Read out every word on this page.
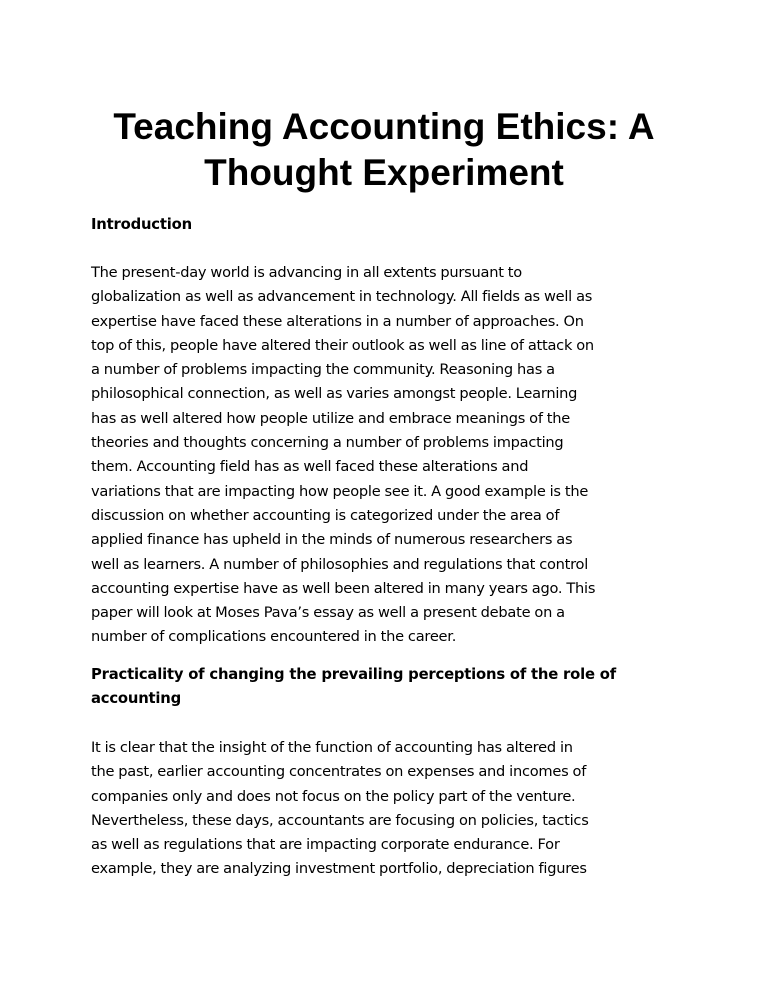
Teaching Accounting Ethics: A Thought Experiment
Introduction
The present-day world is advancing in all extents pursuant to
globalization as well as advancement in technology. All fields as well as
expertise have faced these alterations in a number of approaches. On
top of this, people have altered their outlook as well as line of attack on
a number of problems impacting the community. Reasoning has a
philosophical connection, as well as varies amongst people. Learning
has as well altered how people utilize and embrace meanings of the
theories and thoughts concerning a number of problems impacting
them. Accounting field has as well faced these alterations and
variations that are impacting how people see it. A good example is the
discussion on whether accounting is categorized under the area of
applied finance has upheld in the minds of numerous researchers as
well as learners. A number of philosophies and regulations that control
accounting expertise have as well been altered in many years ago. This
paper will look at Moses Pava’s essay as well a present debate on a
number of complications encountered in the career.
Practicality of changing the prevailing perceptions of the role of
accounting
It is clear that the insight of the function of accounting has altered in
the past, earlier accounting concentrates on expenses and incomes of
companies only and does not focus on the policy part of the venture.
Nevertheless, these days, accountants are focusing on policies, tactics
as well as regulations that are impacting corporate endurance. For
example, they are analyzing investment portfolio, depreciation figures
